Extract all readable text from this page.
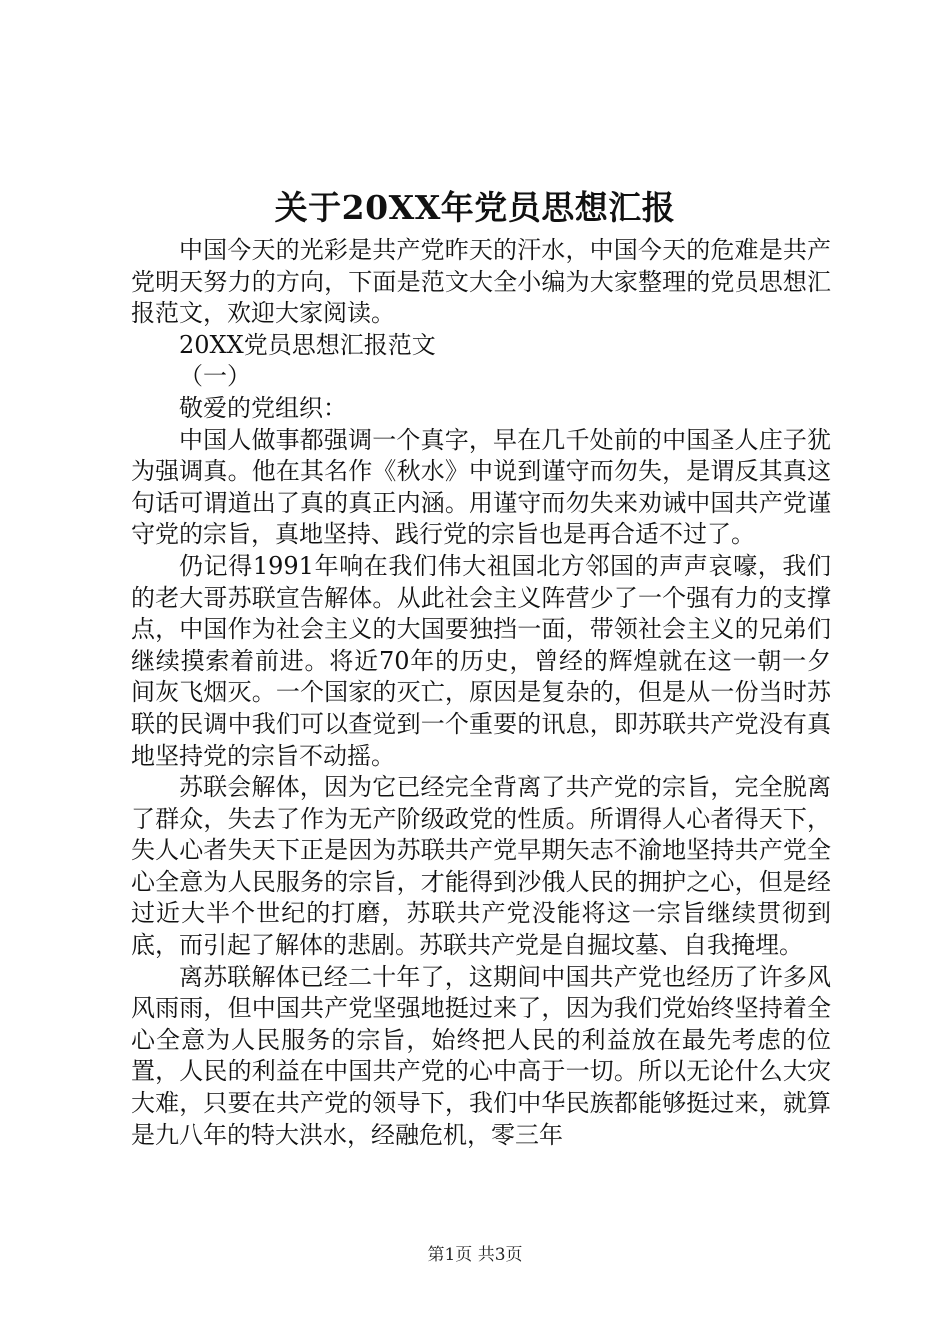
关于20XX年党员思想汇报

中国今天的光彩是共产党昨天的汗水，中国今天的危难是共产党明天努力的方向，下面是范文大全小编为大家整理的党员思想汇报范文，欢迎大家阅读。

20XX党员思想汇报范文

（一）

敬爱的党组织：

中国人做事都强调一个真字，早在几千处前的中国圣人庄子犹为强调真。他在其名作《秋水》中说到谨守而勿失，是谓反其真这句话可谓道出了真的真正内涵。用谨守而勿失来劝诫中国共产党谨守党的宗旨，真地坚持、践行党的宗旨也是再合适不过了。

仍记得1991年响在我们伟大祖国北方邻国的声声哀嚎，我们的老大哥苏联宣告解体。从此社会主义阵营少了一个强有力的支撑点，中国作为社会主义的大国要独挡一面，带领社会主义的兄弟们继续摸索着前进。将近70年的历史，曾经的辉煌就在这一朝一夕间灰飞烟灭。一个国家的灭亡，原因是复杂的，但是从一份当时苏联的民调中我们可以查觉到一个重要的讯息，即苏联共产党没有真地坚持党的宗旨不动摇。

苏联会解体，因为它已经完全背离了共产党的宗旨，完全脱离了群众，失去了作为无产阶级政党的性质。所谓得人心者得天下，失人心者失天下正是因为苏联共产党早期矢志不渝地坚持共产党全心全意为人民服务的宗旨，才能得到沙俄人民的拥护之心，但是经过近大半个世纪的打磨，苏联共产党没能将这一宗旨继续贯彻到底，而引起了解体的悲剧。苏联共产党是自掘坟墓、自我掩埋。

离苏联解体已经二十年了，这期间中国共产党也经历了许多风风雨雨，但中国共产党坚强地挺过来了，因为我们党始终坚持着全心全意为人民服务的宗旨，始终把人民的利益放在最先考虑的位置，人民的利益在中国共产党的心中高于一切。所以无论什么大灾大难，只要在共产党的领导下，我们中华民族都能够挺过来，就算是九八年的特大洪水，经融危机，零三年

第1页 共3页
